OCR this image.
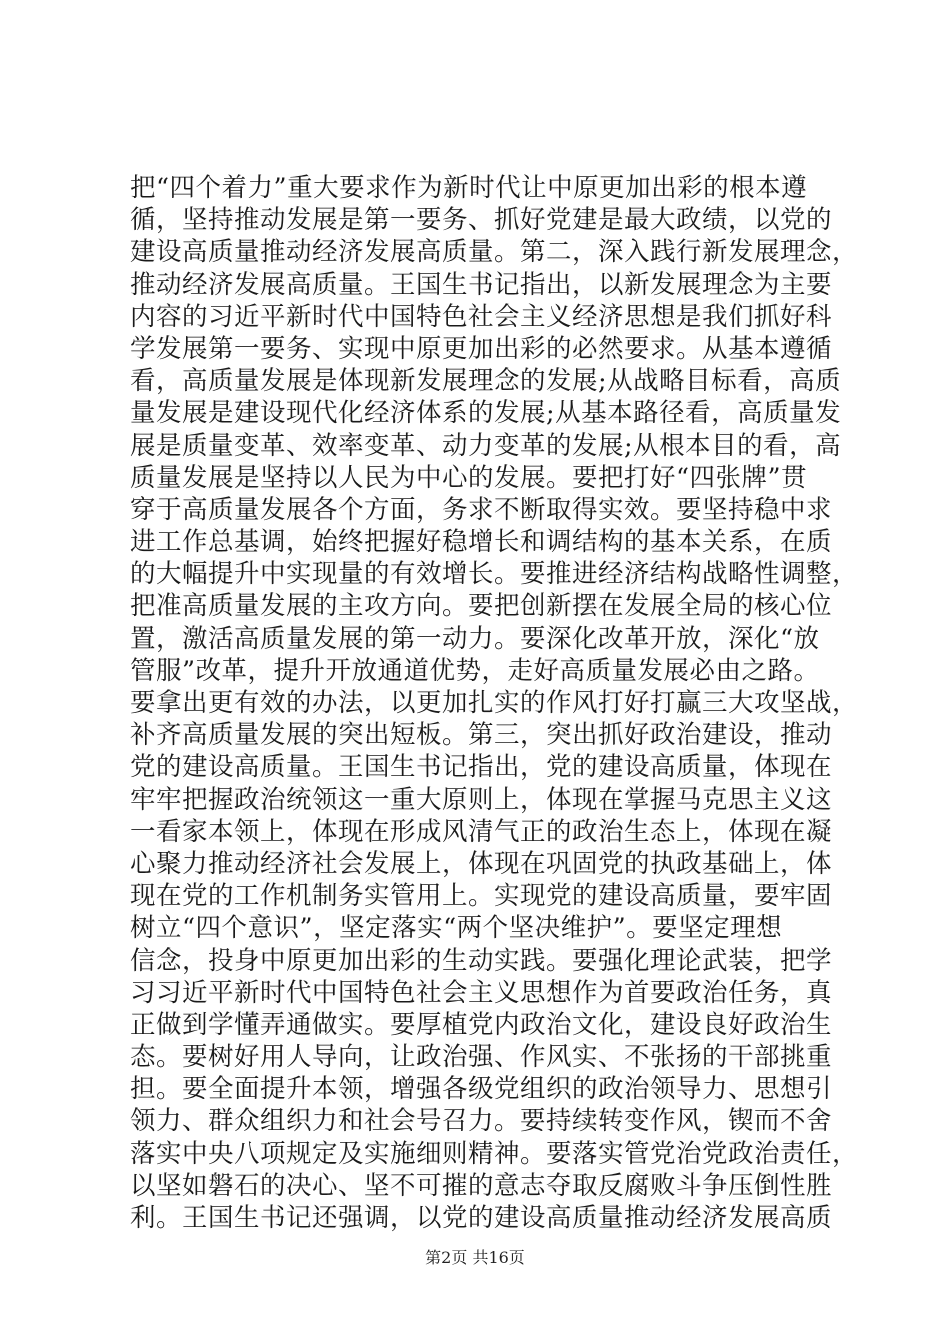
把“四个着力”重大要求作为新时代让中原更加出彩的根本遵
循，坚持推动发展是第一要务、抓好党建是最大政绩，以党的
建设高质量推动经济发展高质量。第二，深入践行新发展理念，
推动经济发展高质量。王国生书记指出，以新发展理念为主要
内容的习近平新时代中国特色社会主义经济思想是我们抓好科
学发展第一要务、实现中原更加出彩的必然要求。从基本遵循
看，高质量发展是体现新发展理念的发展;从战略目标看，高质
量发展是建设现代化经济体系的发展;从基本路径看，高质量发
展是质量变革、效率变革、动力变革的发展;从根本目的看，高
质量发展是坚持以人民为中心的发展。要把打好“四张牌”贯
穿于高质量发展各个方面，务求不断取得实效。要坚持稳中求
进工作总基调，始终把握好稳增长和调结构的基本关系，在质
的大幅提升中实现量的有效增长。要推进经济结构战略性调整，
把准高质量发展的主攻方向。要把创新摆在发展全局的核心位
置，激活高质量发展的第一动力。要深化改革开放，深化“放
管服”改革，提升开放通道优势，走好高质量发展必由之路。
要拿出更有效的办法，以更加扎实的作风打好打赢三大攻坚战，
补齐高质量发展的突出短板。第三，突出抓好政治建设，推动
党的建设高质量。王国生书记指出，党的建设高质量，体现在
牢牢把握政治统领这一重大原则上，体现在掌握马克思主义这
一看家本领上，体现在形成风清气正的政治生态上，体现在凝
心聚力推动经济社会发展上，体现在巩固党的执政基础上，体
现在党的工作机制务实管用上。实现党的建设高质量，要牢固
树立“四个意识”，坚定落实“两个坚决维护”。要坚定理想
信念，投身中原更加出彩的生动实践。要强化理论武装，把学
习习近平新时代中国特色社会主义思想作为首要政治任务，真
正做到学懂弄通做实。要厚植党内政治文化，建设良好政治生
态。要树好用人导向，让政治强、作风实、不张扬的干部挑重
担。要全面提升本领，增强各级党组织的政治领导力、思想引
领力、群众组织力和社会号召力。要持续转变作风，锲而不舍
落实中央八项规定及实施细则精神。要落实管党治党政治责任，
以坚如磐石的决心、坚不可摧的意志夺取反腐败斗争压倒性胜
利。王国生书记还强调，以党的建设高质量推动经济发展高质
第2页 共16页
